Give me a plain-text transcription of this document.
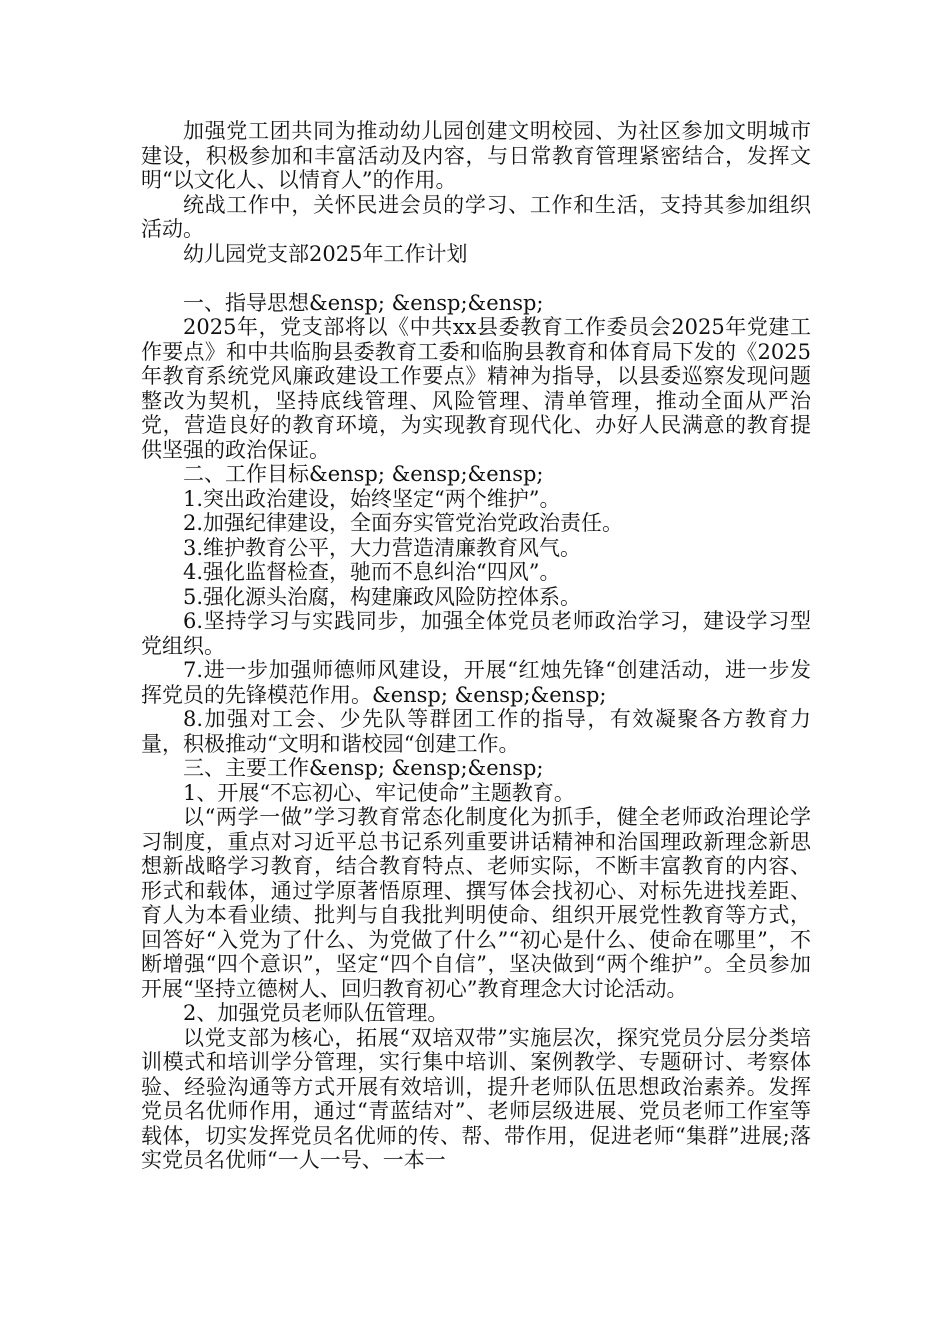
加强党工团共同为推动幼儿园创建文明校园、为社区参加文明城市建设，积极参加和丰富活动及内容，与日常教育管理紧密结合，发挥文明“以文化人、以情育人”的作用。

统战工作中，关怀民进会员的学习、工作和生活，支持其参加组织活动。

幼儿园党支部2025年工作计划

一、指导思想&ensp; &ensp;&ensp;

2025年，党支部将以《中共xx县委教育工作委员会2025年党建工作要点》和中共临朐县委教育工委和临朐县教育和体育局下发的《2025年教育系统党风廉政建设工作要点》精神为指导，以县委巡察发现问题整改为契机，坚持底线管理、风险管理、清单管理，推动全面从严治党，营造良好的教育环境，为实现教育现代化、办好人民满意的教育提供坚强的政治保证。

二、工作目标&ensp; &ensp;&ensp;

1.突出政治建设，始终坚定“两个维护”。

2.加强纪律建设，全面夯实管党治党政治责任。

3.维护教育公平，大力营造清廉教育风气。

4.强化监督检查，驰而不息纠治“四风”。

5.强化源头治腐，构建廉政风险防控体系。

6.坚持学习与实践同步，加强全体党员老师政治学习，建设学习型党组织。

7.进一步加强师德师风建设，开展“红烛先锋“创建活动，进一步发挥党员的先锋模范作用。&ensp; &ensp;&ensp;

8.加强对工会、少先队等群团工作的指导，有效凝聚各方教育力量，积极推动“文明和谐校园“创建工作。

三、主要工作&ensp; &ensp;&ensp;

1、开展“不忘初心、牢记使命”主题教育。

以“两学一做”学习教育常态化制度化为抓手，健全老师政治理论学习制度，重点对习近平总书记系列重要讲话精神和治国理政新理念新思想新战略学习教育，结合教育特点、老师实际，不断丰富教育的内容、形式和载体，通过学原著悟原理、撰写体会找初心、对标先进找差距、育人为本看业绩、批判与自我批判明使命、组织开展党性教育等方式，回答好“入党为了什么、为党做了什么”“初心是什么、使命在哪里”，不断增强“四个意识”，坚定“四个自信”，坚决做到“两个维护”。全员参加开展“坚持立德树人、回归教育初心”教育理念大讨论活动。

2、加强党员老师队伍管理。

以党支部为核心，拓展“双培双带”实施层次，探究党员分层分类培训模式和培训学分管理，实行集中培训、案例教学、专题研讨、考察体验、经验沟通等方式开展有效培训，提升老师队伍思想政治素养。发挥党员名优师作用，通过“青蓝结对”、老师层级进展、党员老师工作室等载体，切实发挥党员名优师的传、帮、带作用，促进老师“集群”进展;落实党员名优师“一人一号、一本一
